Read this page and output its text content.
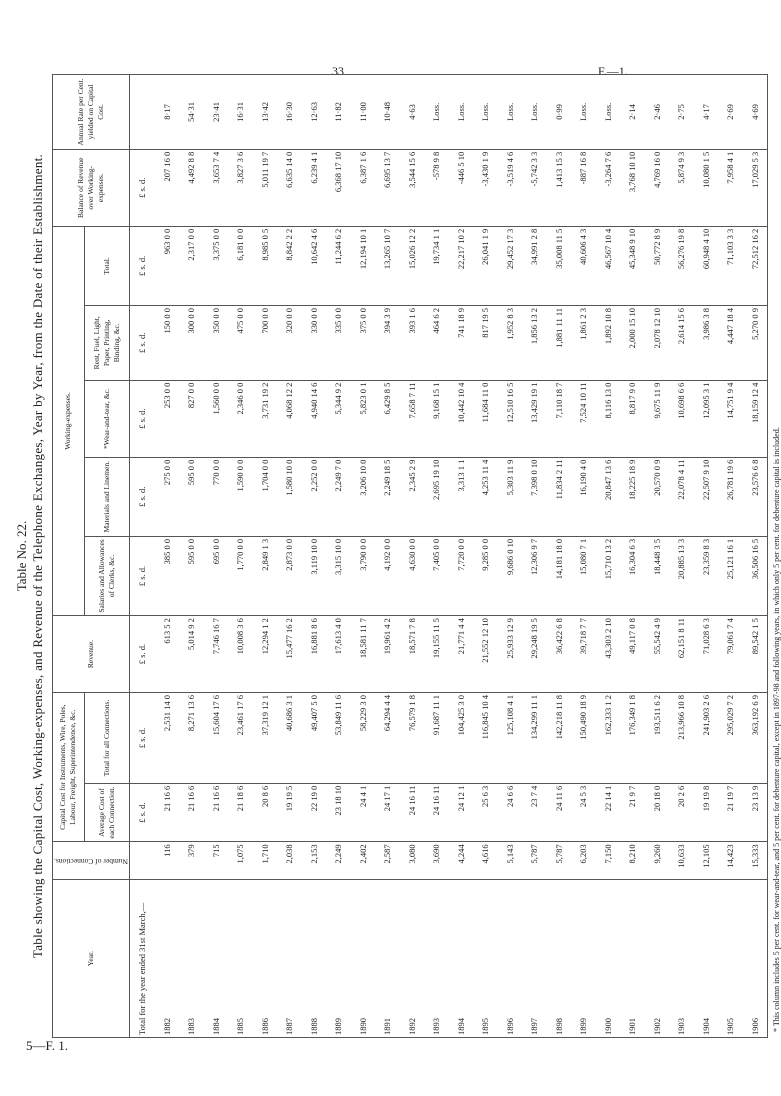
33	F.—1.
5—F. 1.
Table No. 22. Table showing the Capital Cost, Working-expenses, and Revenue of the Telephone Exchanges, Year by Year, from the Date of their Establishment.
Year.	Number of Connections.	Capital Cost for Instruments, Wire, Poles, Labour, Freight, Superintendence, &c.		Revenue.	Working-expenses.					Balance of Revenue over Working-expenses.	Annual Rate per Cent. yielded on Capital Cost.
		Average Cost of each Connection.	Total for all Connections.		Salaries and Allowances of Clerks, &c.	Materials and Linemen.	*Wear-and-tear, &c.	Rent, Fuel, Light, Paper, Printing, Binding, &c.	Total.		
Total for the year ended 31st March,—		£ s. d.	£ s. d.	£ s. d.	£ s. d.	£ s. d.	£ s. d.	£ s. d.	£ s. d.	£ s. d.	
1882	116	21 16 6	2,531 14 0	613 5 2	385 0 0	275 0 0	253 0 0	150 0 0	963 0 0	207 16 0	8·17
1883	379	21 16 6	8,271 13 6	5,014 9 2	595 0 0	595 0 0	827 0 0	300 0 0	2,317 0 0	4,492 8 8	54·31
1884	715	21 16 6	15,604 17 6	7,746 16 7	695 0 0	770 0 0	1,560 0 0	350 0 0	3,375 0 0	3,653 7 4	23·41
1885	1,075	21 18 6	23,461 17 6	10,008 3 6	1,770 0 0	1,590 0 0	2,346 0 0	475 0 0	6,181 0 0	3,827 3 6	16·31
1886	1,710	20 8 6	37,319 12 1	12,294 1 2	2,849 1 3	1,704 0 0	3,731 19 2	700 0 0	8,985 0 5	5,011 19 7	13·42
1887	2,038	19 19 5	40,686 3 1	15,477 16 2	2,873 0 0	1,580 10 0	4,068 12 2	320 0 0	8,842 2 2	6,635 14 0	16·30
1888	2,153	22 19 0	49,407 5 0	16,881 8 6	3,119 10 0	2,252 0 0	4,940 14 6	330 0 0	10,642 4 6	6,239 4 1	12·63
1889	2,249	23 18 10	53,849 11 6	17,613 4 0	3,315 10 0	2,249 7 0	5,344 9 2	335 0 0	11,244 6 2	6,368 17 10	11·82
1890	2,402	24 4 1	58,229 3 0	18,581 11 7	3,790 0 0	3,206 10 0	5,823 0 1	375 0 0	12,194 10 1	6,387 1 6	11·00
1891	2,587	24 17 1	64,294 4 4	19,961 4 2	4,192 0 0	2,249 18 5	6,429 8 5	394 3 9	13,265 10 7	6,695 13 7	10·48
1892	3,080	24 16 11	76,579 1 8	18,571 7 8	4,630 0 0	2,345 2 9	7,658 7 11	393 1 6	15,026 12 2	3,544 15 6	4·63
1893	3,690	24 16 11	91,687 11 1	19,155 11 5	7,405 0 0	2,695 19 10	9,168 15 1	464 6 2	19,734 1 1	-578 9 8	Loss.
1894	4,244	24 12 1	104,425 3 0	21,771 4 4	7,720 0 0	3,313 1 1	10,442 10 4	741 18 9	22,217 10 2	-446 5 10	Loss.
1895	4,616	25 6 3	116,845 10 4	21,552 12 10	9,285 0 0	4,253 11 4	11,684 11 0	817 19 5	26,041 1 9	-3,430 1 9	Loss.
1896	5,143	24 6 6	125,108 4 1	25,933 12 9	9,686 0 10	5,303 11 9	12,510 16 5	1,952 8 3	29,452 17 3	-3,519 4 6	Loss.
1897	5,787	23 7 4	134,299 11 1	29,248 19 5	12,306 9 7	7,398 0 10	13,429 19 1	1,856 13 2	34,991 2 8	-5,742 3 3	Loss.
1898	5,787	24 11 6	142,218 11 8	36,422 6 8	14,181 18 0	11,834 2 11	7,110 18 7	1,881 11 11	35,008 11 5	1,413 15 3	0·99
1899	6,203	24 5 3	150,490 18 9	39,718 7 7	15,080 7 1	16,190 4 0	7,524 10 11	1,861 2 3	40,606 4 3	-887 16 8	Loss.
1900	7,150	22 14 1	162,333 1 2	43,303 2 10	15,710 13 2	20,847 13 6	8,116 13 0	1,892 10 8	46,567 10 4	-3,264 7 6	Loss.
1901	8,210	21 9 7	176,349 1 8	49,117 0 8	16,304 6 3	18,225 18 9	8,817 9 0	2,000 15 10	45,348 9 10	3,768 10 10	2·14
1902	9,260	20 18 0	193,511 6 2	55,542 4 9	18,448 3 5	20,570 0 9	9,675 11 9	2,078 12 10	50,772 8 9	4,769 16 0	2·46
1903	10,633	20 2 6	213,966 10 8	62,151 8 11	20,885 13 3	22,078 4 11	10,698 6 6	2,614 15 6	56,276 19 8	5,874 9 3	2·75
1904	12,105	19 19 8	241,903 2 6	71,028 6 3	23,359 8 3	22,507 9 10	12,095 3 1	3,986 3 8	60,948 4 10	10,080 1 5	4·17
1905	14,423	21 19 7	295,029 7 2	79,061 7 4	25,121 16 1	26,781 19 6	14,751 9 4	4,447 18 4	71,103 3 3	7,958 4 1	2·69
1906	15,333	23 13 9	363,192 6 9	89,542 1 5	36,506 16 5	23,576 6 8	18,159 12 4	5,270 0 9	72,512 16 2	17,029 5 3	4·69
* This column includes 5 per cent. for wear-and-tear, and 5 per cent. for debenture capital, except in 1897-98 and following years, in which only 5 per cent. for debenture capital is included.
